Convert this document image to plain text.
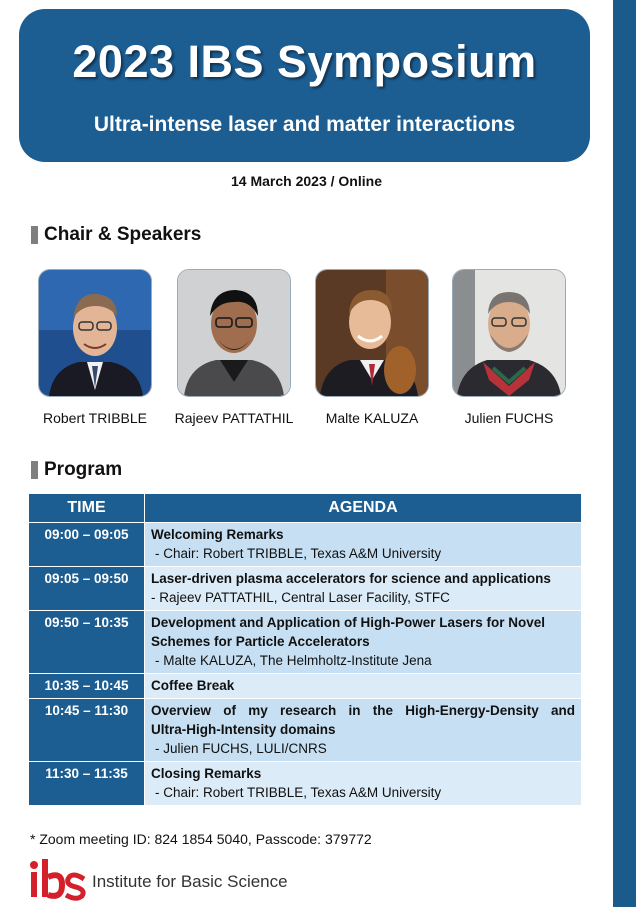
2023 IBS Symposium
Ultra-intense laser and matter interactions
14 March 2023 / Online
Chair & Speakers
Robert TRIBBLE	Rajeev PATTATHIL	Malte KALUZA	Julien FUCHS
Program
TIME	AGENDA
09:00 – 09:05	Welcoming Remarks
- Chair: Robert TRIBBLE, Texas A&M University

09:05 – 09:50	Laser-driven plasma accelerators for science and applications
- Rajeev PATTATHIL, Central Laser Facility, STFC

09:50 – 10:35	Development and Application of High-Power Lasers for Novel Schemes for Particle Accelerators
- Malte KALUZA, The Helmholtz-Institute Jena

10:35 – 10:45	Coffee Break

10:45 – 11:30	Overview of my research in the High-Energy-Density and
Ultra-High-Intensity domains
- Julien FUCHS, LULI/CNRS

11:30 – 11:35	Closing Remarks
- Chair: Robert TRIBBLE, Texas A&M University
* Zoom meeting ID: 824 1854 5040, Passcode: 379772
Institute for Basic Science
